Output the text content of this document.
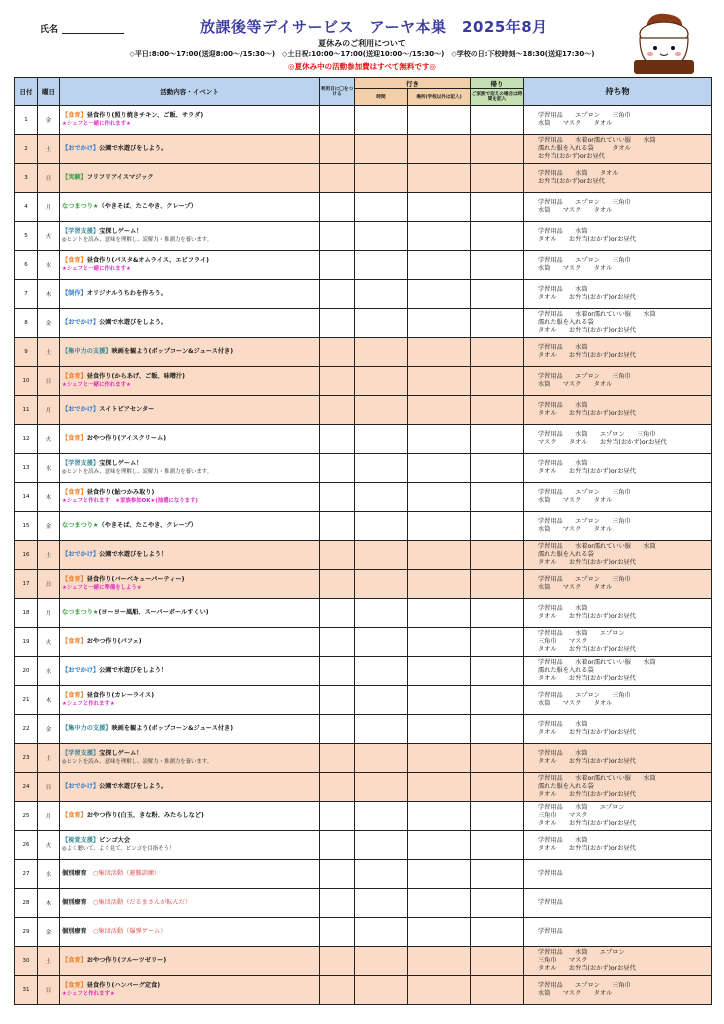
氏名	放課後等デイサービス　アーヤ本巣　2025年8月
夏休みのご利用について
◇平日:8:00～17:00(送迎8:00～/15:30～)　◇土日祝:10:00～17:00(送迎10:00～/15:30～)　◇学校の日:下校時刻～18:30(送迎17:30～)
◎夏休み中の活動参加費はすべて無料です◎
日付	曜日	活動内容・イベント	利用日に〇をつける	行き		帰り	持ち物
				時間	場所(学校以外は記入)	ご家族で迎えの場合は時間を記入	
1	金	【食育】昼食作り(照り焼きチキン、ご飯、サラダ)
★シェフと一緒に作れます★					学習用品　　エプロン　　三角巾
水筒　　マスク　　タオル
2	土	【おでかけ】公園で水遊びをしよう。					学習用品　　水着or濡れていい服　　水筒
濡れた服を入れる袋　　　タオル
お弁当(おかず)orお昼代
3	日	【実験】フリフリアイスマジック					学習用品　　水筒　　タオル
お弁当(おかず)orお昼代
4	月	なつまつり★（やきそば、たこやき、クレープ）					学習用品　　エプロン　　三角巾
水筒　　マスク　　タオル
5	火	【学習支援】宝探しゲーム！
◎ヒントを読み、意味を理解し、読解力・推測力を養います。					学習用品　　水筒
タオル　　お弁当(おかず)orお昼代
6	水	【食育】昼食作り(パスタ&オムライス、エビフライ)
★シェフと一緒に作れます★					学習用品　　エプロン　　三角巾
水筒　　マスク　　タオル
7	木	【制作】オリジナルうちわを作ろう。					学習用品　　水筒
タオル　　お弁当(おかず)orお昼代
8	金	【おでかけ】公園で水遊びをしよう。					学習用品　　水着or濡れていい服　　水筒
濡れた服を入れる袋
タオル　　お弁当(おかず)orお昼代
9	土	【集中力の支援】映画を観よう(ポップコーン&ジュース付き)					学習用品　　水筒
タオル　　お弁当(おかず)orお昼代
10	日	【食育】昼食作り(からあげ、ご飯、味噌汁)
★シェフと一緒に作れます★					学習用品　　エプロン　　三角巾
水筒　　マスク　　タオル
11	月	【おでかけ】スイトピアセンター					学習用品　　水筒
タオル　　お弁当(おかず)orお昼代
12	火	【食育】おやつ作り(アイスクリーム)					学習用品　　水筒　　エプロン　　三角巾
マスク　　タオル　　お弁当(おかず)orお昼代
13	水	【学習支援】宝探しゲーム！
◎ヒントを読み、意味を理解し、読解力・推測力を養います。					学習用品　　水筒
タオル　　お弁当(おかず)orお昼代
14	木	【食育】昼食作り(鮎つかみ取り)
★シェフと作れます　★家族参加OK★(抽選になります)					学習用品　　エプロン　　三角巾
水筒　　マスク　　タオル
15	金	なつまつり★（やきそば、たこやき、クレープ）					学習用品　　エプロン　　三角巾
水筒　　マスク　　タオル
16	土	【おでかけ】公園で水遊びをしよう！					学習用品　　水着or濡れていい服　　水筒
濡れた服を入れる袋
タオル　　お弁当(おかず)orお昼代
17	日	【食育】昼食作り(バーベキューパーティー)
★シェフと一緒に準備をしよう★					学習用品　　エプロン　　三角巾
水筒　　マスク　　タオル
18	月	なつまつり★(ヨーヨー風船、スーパーボールすくい)					学習用品　　水筒
タオル　　お弁当(おかず)orお昼代
19	火	【食育】おやつ作り(パフェ)					学習用品　　水筒　　エプロン
三角巾　　マスク
タオル　　お弁当(おかず)orお昼代
20	水	【おでかけ】公園で水遊びをしよう！					学習用品　　水着or濡れていい服　　水筒
濡れた服を入れる袋
タオル　　お弁当(おかず)orお昼代
21	木	【食育】昼食作り(カレーライス)
★シェフと作れます★					学習用品　　エプロン　　三角巾
水筒　　マスク　　タオル
22	金	【集中力の支援】映画を観よう(ポップコーン&ジュース付き)					学習用品　　水筒
タオル　　お弁当(おかず)orお昼代
23	土	【学習支援】宝探しゲーム！
◎ヒントを読み、意味を理解し、読解力・推測力を養います。					学習用品　　水筒
タオル　　お弁当(おかず)orお昼代
24	日	【おでかけ】公園で水遊びをしよう。					学習用品　　水着or濡れていい服　　水筒
濡れた服を入れる袋
タオル　　お弁当(おかず)orお昼代
25	月	【食育】おやつ作り(白玉、きな粉、みたらしなど)					学習用品　　水筒　　エプロン
三角巾　　マスク
タオル　　お弁当(おかず)orお昼代
26	火	【視覚支援】ビンゴ大会
◎よく聴いて、よく見て、ビンゴを目指そう！					学習用品　　水筒
タオル　　お弁当(おかず)orお昼代
27	水	個別療育　○集団活動（避難訓練）					学習用品
28	木	個別療育　○集団活動（だるまさんが転んだ）					学習用品
29	金	個別療育　○集団活動（爆弾ゲーム）					学習用品
30	土	【食育】おやつ作り(フルーツゼリー)					学習用品　　水筒　　エプロン
三角巾　　マスク
タオル　　お弁当(おかず)orお昼代
31	日	【食育】昼食作り(ハンバーグ定食)
★シェフと作れます★					学習用品　　エプロン　　三角巾
水筒　　マスク　　タオル
